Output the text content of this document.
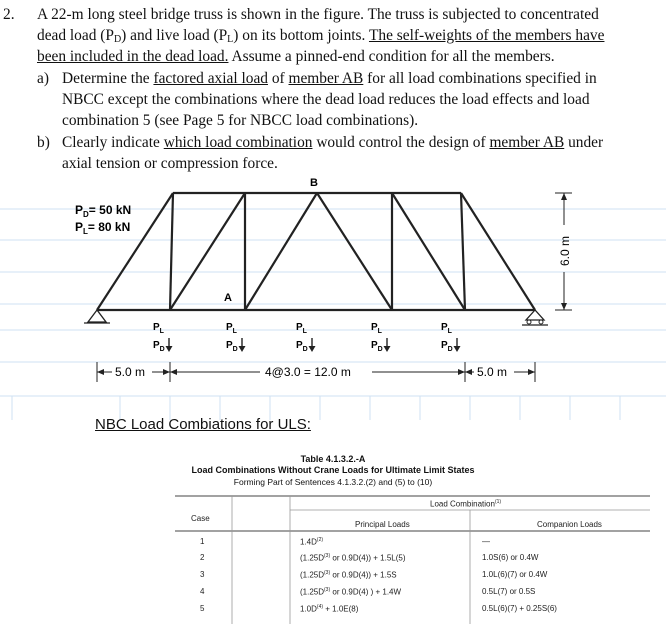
2. A 22-m long steel bridge truss is shown in the figure. The truss is subjected to concentrated
dead load (PD) and live load (PL) on its bottom joints. The self-weights of the members have
been included in the dead load. Assume a pinned-end condition for all the members.
a) Determine the factored axial load of member AB for all load combinations specified in
NBCC except the combinations where the dead load reduces the load effects and load
combination 5 (see Page 5 for NBCC load combinations).
b) Clearly indicate which load combination would control the design of member AB under
axial tension or compression force.
B
A
$P_D= 50$ kN
$P_L= 80$ kN
$P_L$
$P_D$
$P_L$
$P_D$
$P_L$
$P_D$
$P_L$
$P_D$
$P_L$
$P_D$
5.0 m	4@3.0 = 12.0 m	5.0 m
6.0 m
NBC Load Combiations for ULS:
Table 4.1.3.2.-A
Load Combinations Without Crane Loads for Ultimate Limit States
Forming Part of Sentences 4.1.3.2.(2) and (5) to (10)
Case
Load Combination$^{(1)}$
Principal Loads	Companion Loads
1	$1.4D^{(2)}$	—
2	($1.25D^{(3)}$ or 0.9D(4)) + 1.5L(5)	1.0S(6) or 0.4W
3	($1.25D^{(3)}$ or 0.9D(4)) + 1.5S	1.0L(6)(7) or 0.4W
4	($1.25D^{(3)}$ or 0.9D(4) ) + 1.4W	0.5L(7) or 0.5S
5	$1.0D^{(4)} + 1.0E(8)$	0.5L(6)(7) + 0.25S(6)
